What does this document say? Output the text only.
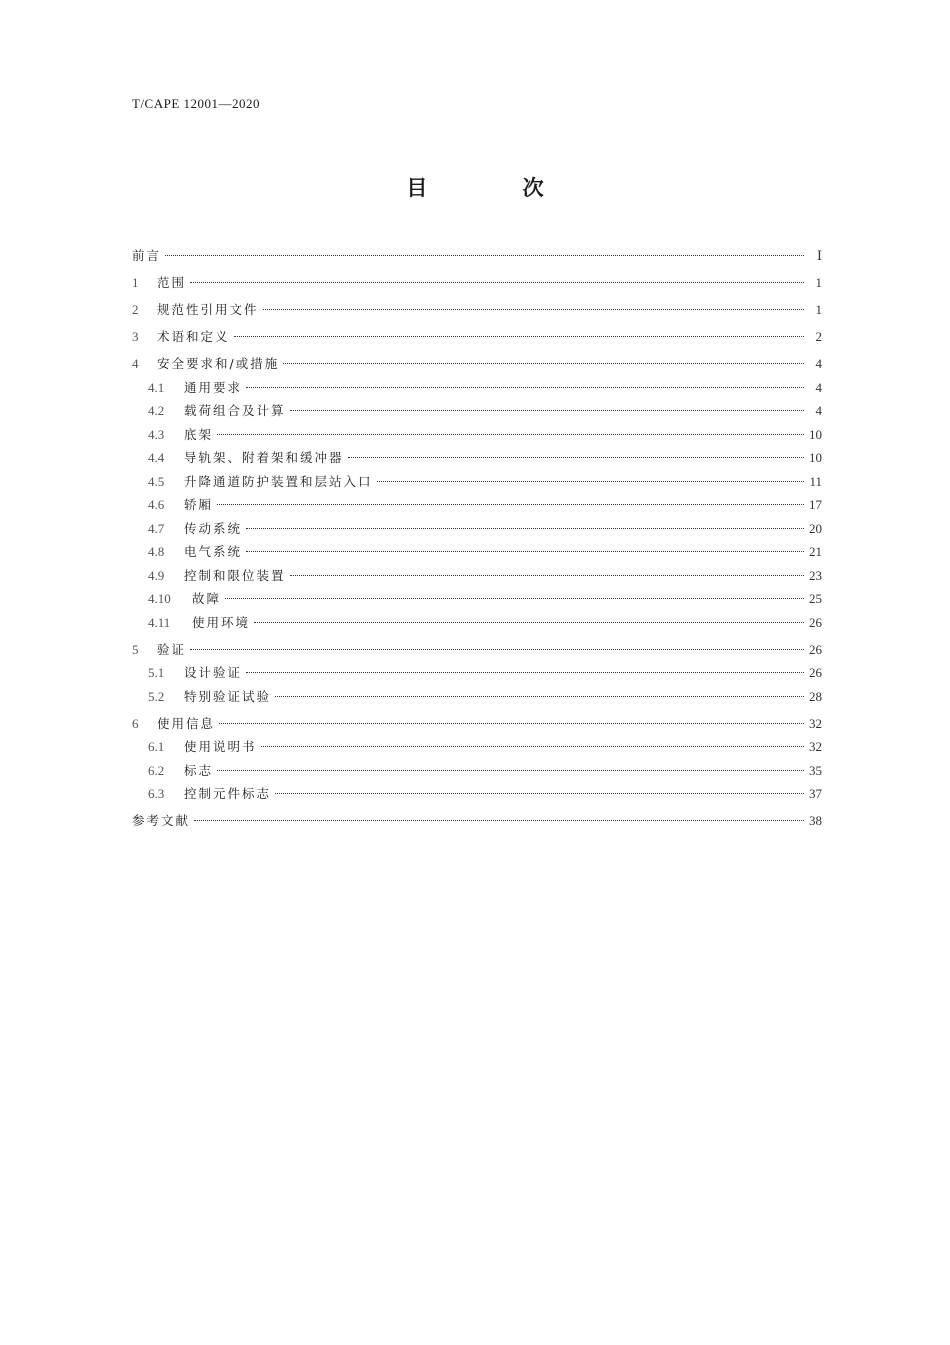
T/CAPE 12001—2020
目 次
前言	Ⅰ
1	范围	1
2	规范性引用文件	1
3	术语和定义	2
4	安全要求和/或措施	4
4.1	通用要求	4
4.2	载荷组合及计算	4
4.3	底架	10
4.4	导轨架、附着架和缓冲器	10
4.5	升降通道防护装置和层站入口	11
4.6	轿厢	17
4.7	传动系统	20
4.8	电气系统	21
4.9	控制和限位装置	23
4.10	故障	25
4.11	使用环境	26
5	验证	26
5.1	设计验证	26
5.2	特别验证试验	28
6	使用信息	32
6.1	使用说明书	32
6.2	标志	35
6.3	控制元件标志	37
参考文献	38
